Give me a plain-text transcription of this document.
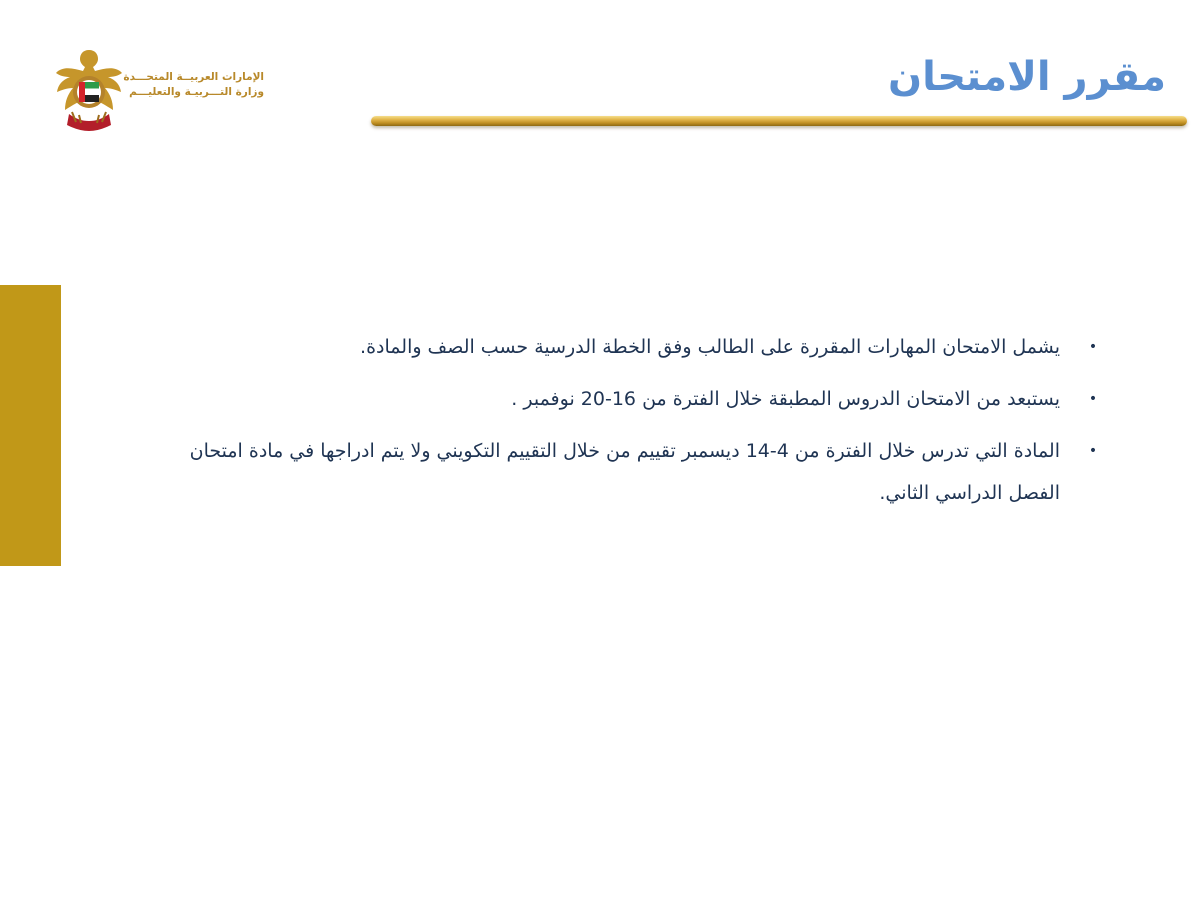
الإمارات العربيــة المتحـــدة
وزارة التـــربيـة والتعليـــم	مقرر الامتحان
•
يشمل الامتحان المهارات المقررة على الطالب وفق الخطة الدرسية حسب الصف والمادة.
•
يستبعد من الامتحان الدروس المطبقة خلال الفترة من 16-20 نوفمبر .
•
المادة التي تدرس خلال الفترة من 4-14 ديسمبر تقييم من خلال التقييم التكويني ولا يتم ادراجها في مادة امتحان الفصل الدراسي الثاني.
